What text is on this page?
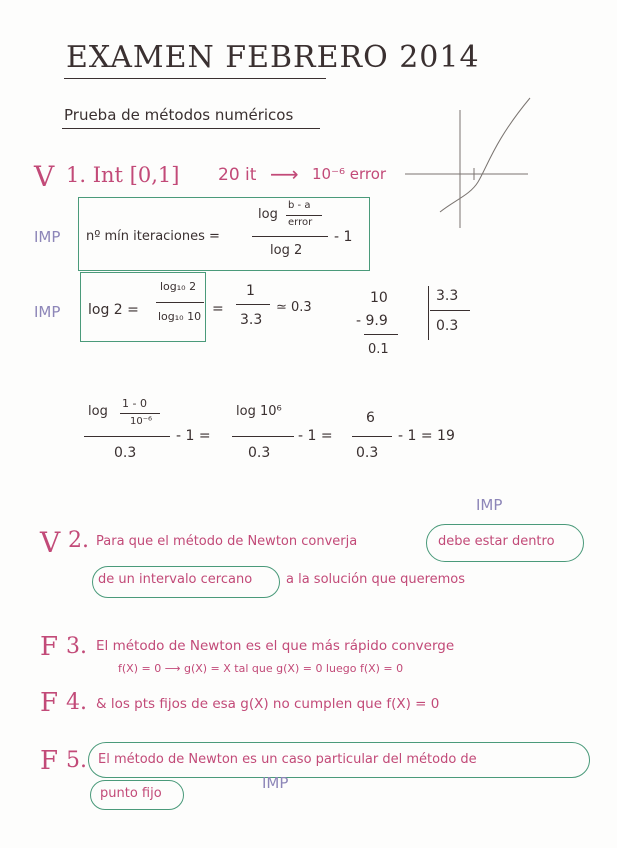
EXAMEN FEBRERO 2014
Prueba de métodos numéricos
V 1. Int [0,1] 20 it ⟶ 10⁻⁶ error
IMP nº mín iteraciones =
log
b - a
error
log 2
- 1
IMP log 2 =
log₁₀ 2
log₁₀ 10 =
1
3.3
≃ 0.3
10
- 9.9
0.1
3.3
0.3
log
1 - 0
10⁻⁶
0.3
- 1 =
log 10⁶
0.3
- 1 =
6
0.3
- 1 = 19
IMP
V 2. Para que el método de Newton converja	debe estar dentro
de un intervalo cercano	a la solución que queremos
F 3. El método de Newton es el que más rápido converge
f(X) = 0 ⟶ g(X) = X tal que g(X) = 0 luego f(X) = 0
F 4. & los pts fijos de esa g(X) no cumplen que f(X) = 0
F 5. El método de Newton es un caso particular del método de
punto fijo
IMP
